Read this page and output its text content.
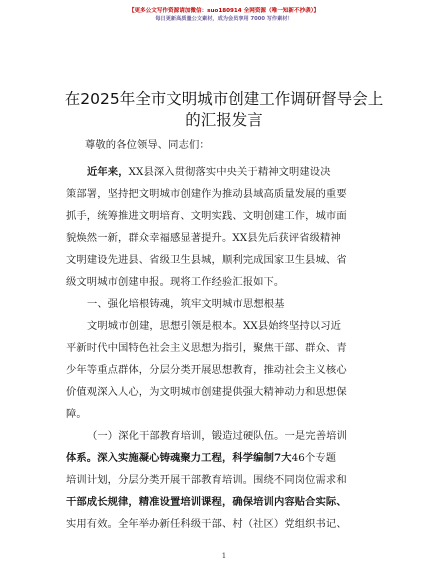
【更多公文写作资源请加微信：suo180914 全网资源（唯一知新不抄袭）】
每日更新高质量公文素材，成为会员享用 7000 写作素材！
在2025年全市文明城市创建工作调研督导会上
的汇报发言
尊敬的各位领导、同志们：
近年来，XX县深入贯彻落实中央关于精神文明建设决
策部署，坚持把文明城市创建作为推动县域高质量发展的重要
抓手，统筹推进文明培育、文明实践、文明创建工作，城市面
貌焕然一新，群众幸福感显著提升。XX县先后获评省级精神
文明建设先进县、省级卫生县城，顺利完成国家卫生县城、省
级文明城市创建申报。现将工作经验汇报如下。
一、强化培根铸魂，筑牢文明城市思想根基
文明城市创建，思想引领是根本。XX县始终坚持以习近
平新时代中国特色社会主义思想为指引，聚焦干部、群众、青
少年等重点群体，分层分类开展思想教育，推动社会主义核心
价值观深入人心，为文明城市创建提供强大精神动力和思想保
障。
（一）深化干部教育培训，锻造过硬队伍。一是完善培训
体系。深入实施凝心铸魂聚力工程，科学编制7大46个专题
培训计划，分层分类开展干部教育培训。围绕不同岗位需求和
干部成长规律，精准设置培训课程，确保培训内容贴合实际、
实用有效。全年举办新任科级干部、村（社区）党组织书记、
1
